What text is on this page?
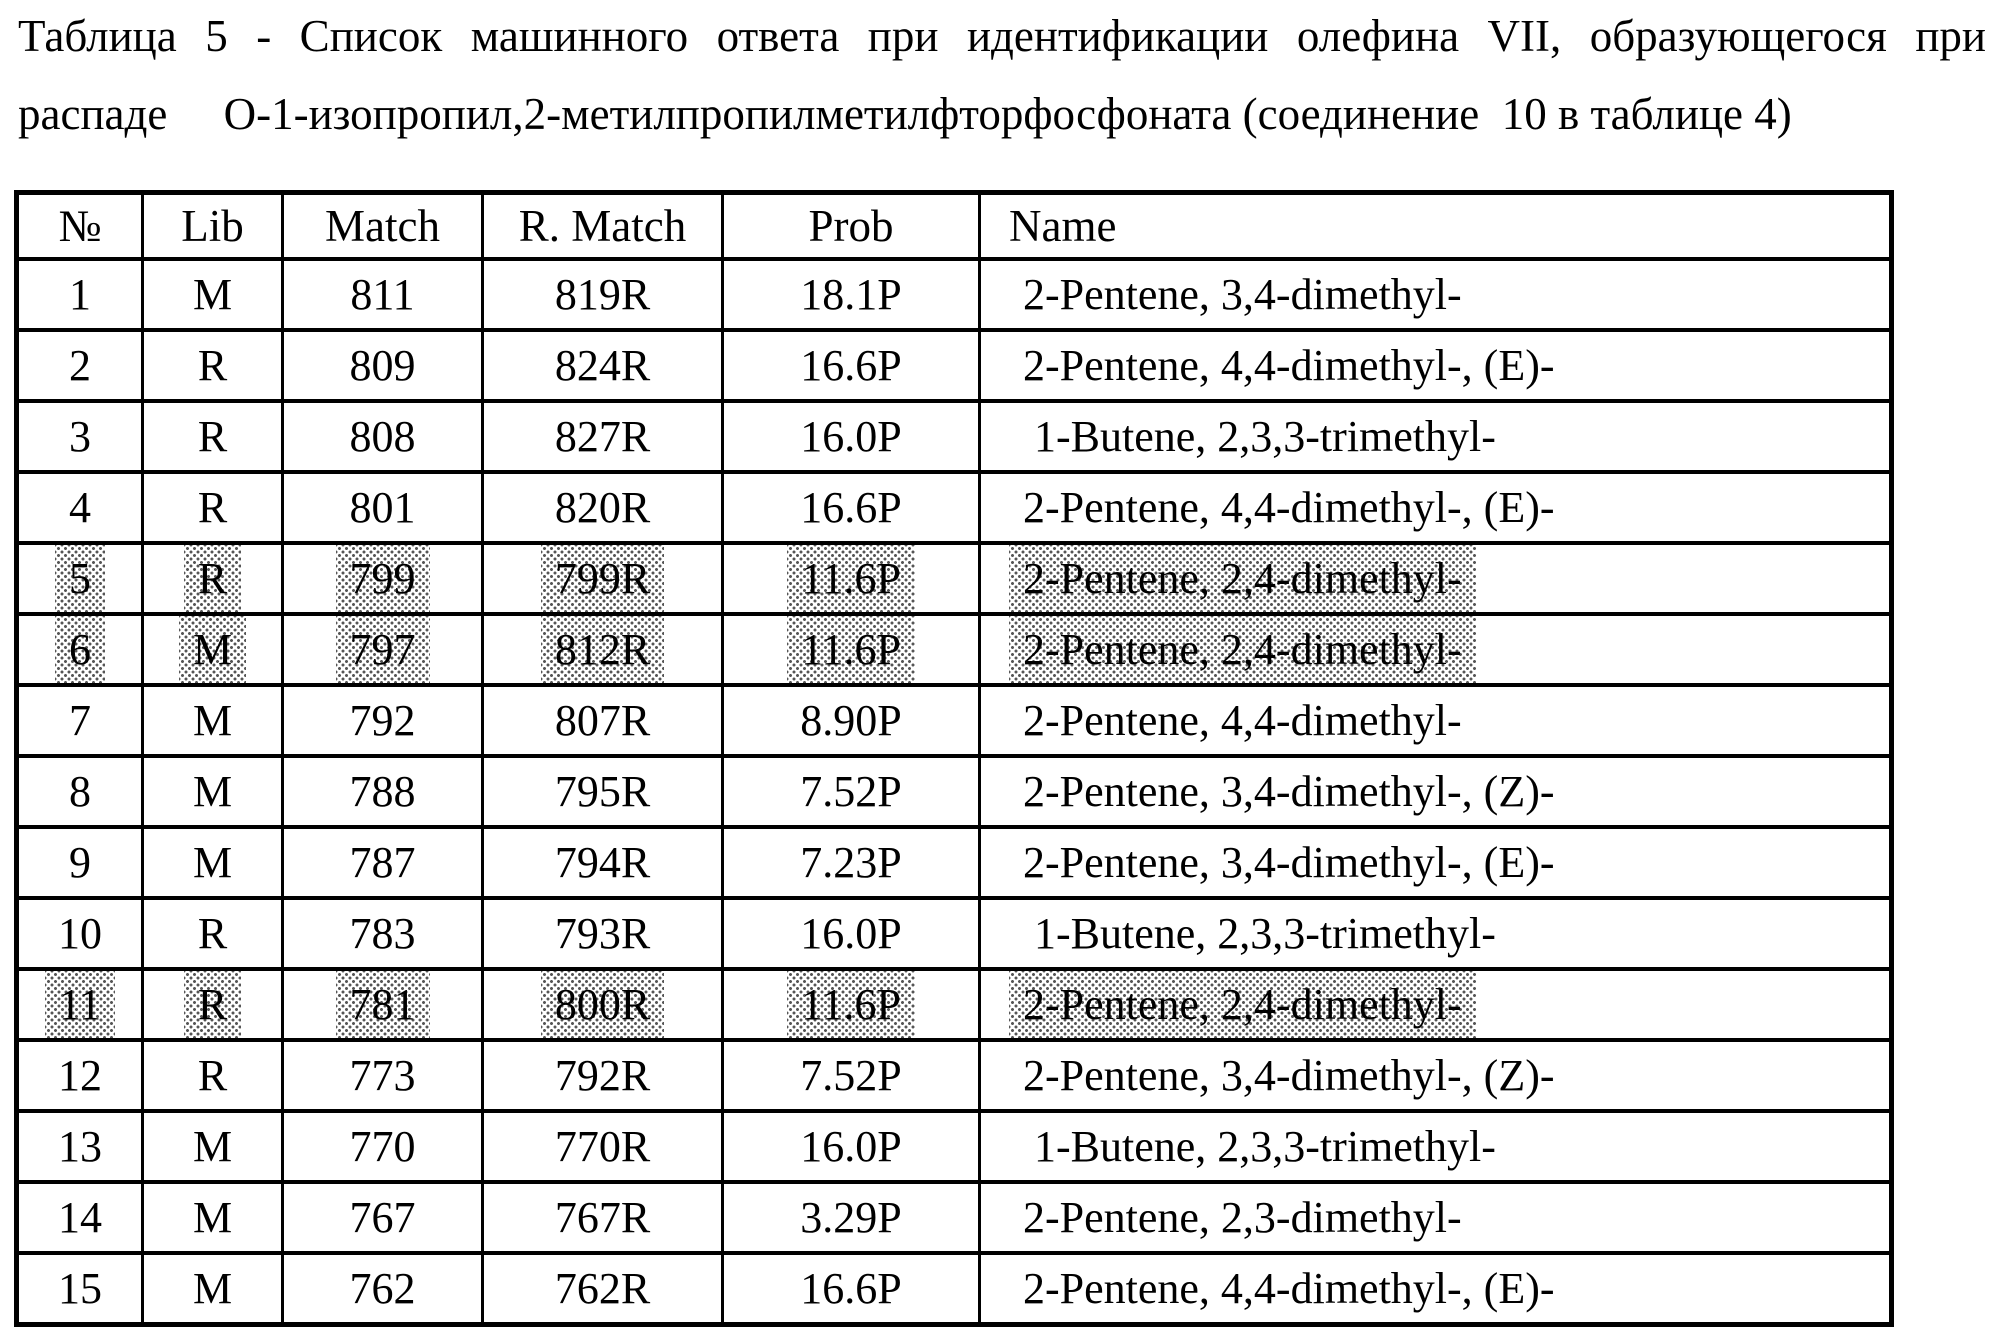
Таблица 5 - Список машинного ответа при идентификации олефина VII, образующегося при
распаде     О-1-изопропил,2-метилпропилметилфторфосфоната (соединение  10 в таблице 4)
№	Lib	Match	R. Match	Prob	Name
1	M	811	819R	18.1P	2-Pentene, 3,4-dimethyl-
2	R	809	824R	16.6P	2-Pentene, 4,4-dimethyl-, (E)-
3	R	808	827R	16.0P	1-Butene, 2,3,3-trimethyl-
4	R	801	820R	16.6P	2-Pentene, 4,4-dimethyl-, (E)-
5	R	799	799R	11.6P	2-Pentene, 2,4-dimethyl-
6	M	797	812R	11.6P	2-Pentene, 2,4-dimethyl-
7	M	792	807R	8.90P	2-Pentene, 4,4-dimethyl-
8	M	788	795R	7.52P	2-Pentene, 3,4-dimethyl-, (Z)-
9	M	787	794R	7.23P	2-Pentene, 3,4-dimethyl-, (E)-
10	R	783	793R	16.0P	1-Butene, 2,3,3-trimethyl-
11	R	781	800R	11.6P	2-Pentene, 2,4-dimethyl-
12	R	773	792R	7.52P	2-Pentene, 3,4-dimethyl-, (Z)-
13	M	770	770R	16.0P	1-Butene, 2,3,3-trimethyl-
14	M	767	767R	3.29P	2-Pentene, 2,3-dimethyl-
15	M	762	762R	16.6P	2-Pentene, 4,4-dimethyl-, (E)-
